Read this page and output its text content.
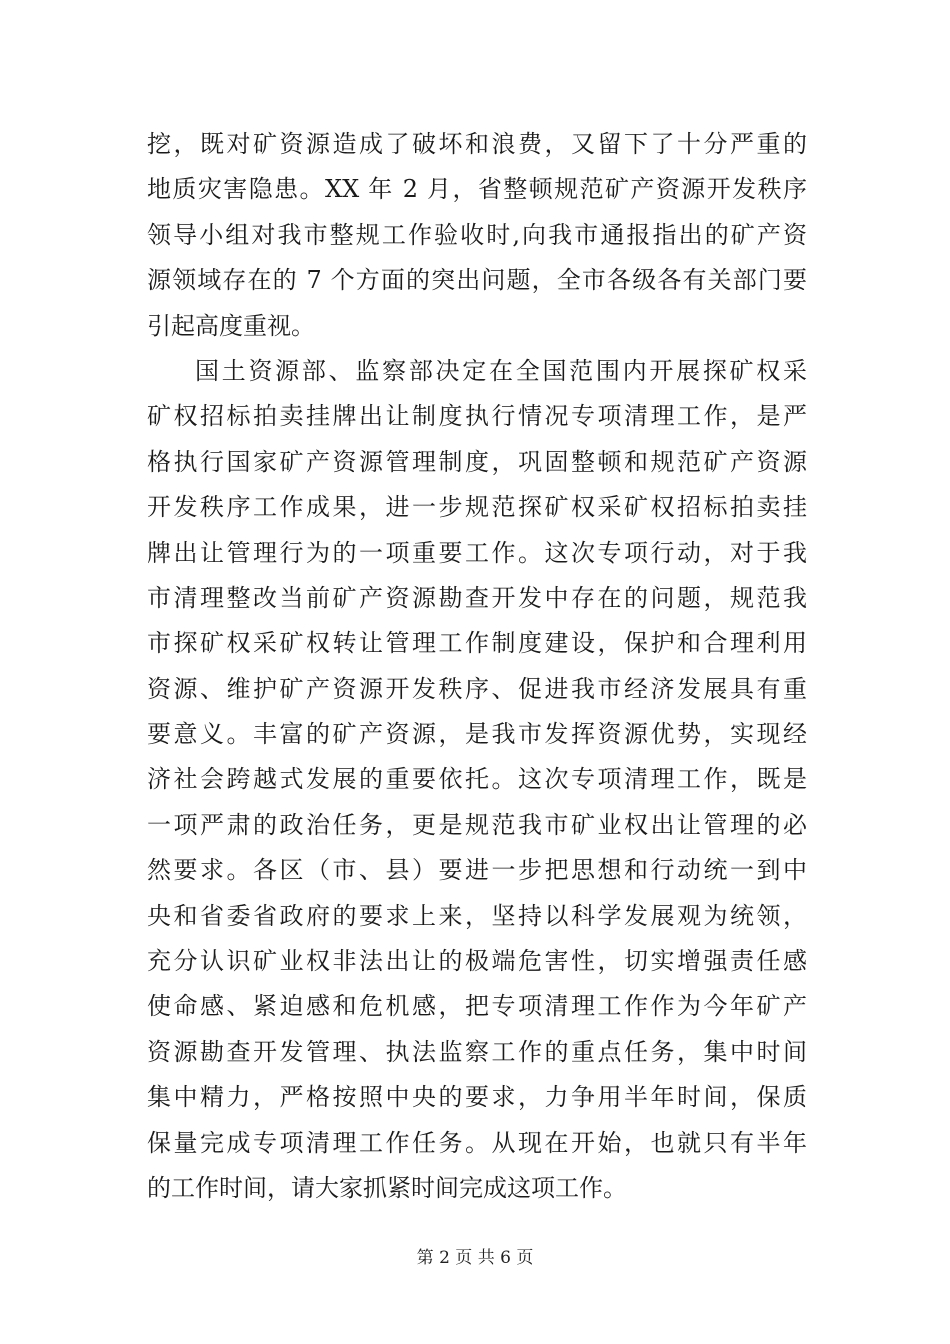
挖，既对矿资源造成了破坏和浪费，又留下了十分严重的
地质灾害隐患。XX 年 2 月，省整顿规范矿产资源开发秩序
领导小组对我市整规工作验收时,向我市通报指出的矿产资
源领域存在的 7 个方面的突出问题，全市各级各有关部门要
引起高度重视。
国土资源部、监察部决定在全国范围内开展探矿权采
矿权招标拍卖挂牌出让制度执行情况专项清理工作，是严
格执行国家矿产资源管理制度，巩固整顿和规范矿产资源
开发秩序工作成果，进一步规范探矿权采矿权招标拍卖挂
牌出让管理行为的一项重要工作。这次专项行动，对于我
市清理整改当前矿产资源勘查开发中存在的问题，规范我
市探矿权采矿权转让管理工作制度建设，保护和合理利用
资源、维护矿产资源开发秩序、促进我市经济发展具有重
要意义。丰富的矿产资源，是我市发挥资源优势，实现经
济社会跨越式发展的重要依托。这次专项清理工作，既是
一项严肃的政治任务，更是规范我市矿业权出让管理的必
然要求。各区（市、县）要进一步把思想和行动统一到中
央和省委省政府的要求上来，坚持以科学发展观为统领，
充分认识矿业权非法出让的极端危害性，切实增强责任感
使命感、紧迫感和危机感，把专项清理工作作为今年矿产
资源勘查开发管理、执法监察工作的重点任务，集中时间
集中精力，严格按照中央的要求，力争用半年时间，保质
保量完成专项清理工作任务。从现在开始，也就只有半年
的工作时间，请大家抓紧时间完成这项工作。
第 2 页 共 6 页
